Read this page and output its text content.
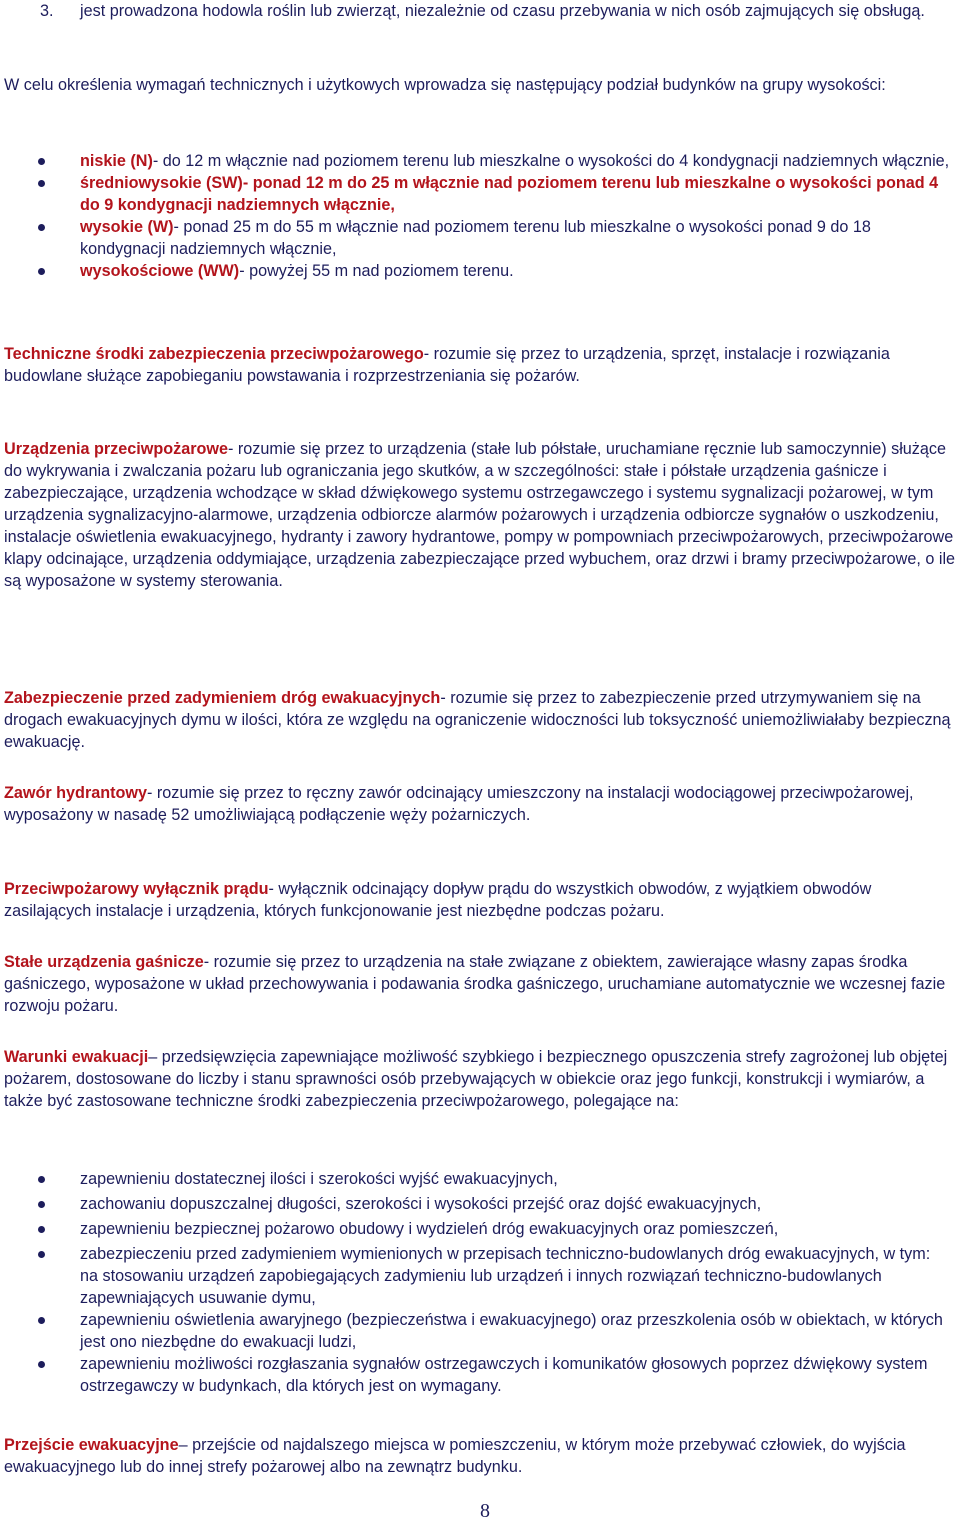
3. jest prowadzona hodowla roślin lub zwierząt, niezależnie od czasu przebywania w nich osób zajmujących się obsługą.

W celu określenia wymagań technicznych i użytkowych wprowadza się następujący podział budynków na grupy wysokości:

niskie (N)- do 12 m włącznie nad poziomem terenu lub mieszkalne o wysokości do 4 kondygnacji nadziemnych włącznie,
średniowysokie (SW)- ponad 12 m do 25 m włącznie nad poziomem terenu lub mieszkalne o wysokości ponad 4 do 9 kondygnacji nadziemnych włącznie,
wysokie (W)- ponad 25 m do 55 m włącznie nad poziomem terenu lub mieszkalne o wysokości ponad 9 do 18 kondygnacji nadziemnych włącznie,
wysokościowe (WW)- powyżej 55 m nad poziomem terenu.

Techniczne środki zabezpieczenia przeciwpożarowego- rozumie się przez to urządzenia, sprzęt, instalacje i rozwiązania budowlane służące zapobieganiu powstawania i rozprzestrzeniania się pożarów.

Urządzenia przeciwpożarowe- rozumie się przez to urządzenia (stałe lub półstałe, uruchamiane ręcznie lub samoczynnie) służące do wykrywania i zwalczania pożaru lub ograniczania jego skutków, a w szczególności: stałe i półstałe urządzenia gaśnicze i zabezpieczające, urządzenia wchodzące w skład dźwiękowego systemu ostrzegawczego i systemu sygnalizacji pożarowej, w tym urządzenia sygnalizacyjno-alarmowe, urządzenia odbiorcze alarmów pożarowych i urządzenia odbiorcze sygnałów o uszkodzeniu, instalacje oświetlenia ewakuacyjnego, hydranty i zawory hydrantowe, pompy w pompowniach przeciwpożarowych, przeciwpożarowe klapy odcinające, urządzenia oddymiające, urządzenia zabezpieczające przed wybuchem, oraz drzwi i bramy przeciwpożarowe, o ile są wyposażone w systemy sterowania.

Zabezpieczenie przed zadymieniem dróg ewakuacyjnych- rozumie się przez to zabezpieczenie przed utrzymywaniem się na drogach ewakuacyjnych dymu w ilości, która ze względu na ograniczenie widoczności lub toksyczność uniemożliwiałaby bezpieczną ewakuację.

Zawór hydrantowy- rozumie się przez to ręczny zawór odcinający umieszczony na instalacji wodociągowej przeciwpożarowej, wyposażony w nasadę 52 umożliwiającą podłączenie węży pożarniczych.

Przeciwpożarowy wyłącznik prądu- wyłącznik odcinający dopływ prądu do wszystkich obwodów, z wyjątkiem obwodów zasilających instalacje i urządzenia, których funkcjonowanie jest niezbędne podczas pożaru.

Stałe urządzenia gaśnicze- rozumie się przez to urządzenia na stałe związane z obiektem, zawierające własny zapas środka gaśniczego, wyposażone w układ przechowywania i podawania środka gaśniczego, uruchamiane automatycznie we wczesnej fazie rozwoju pożaru.

Warunki ewakuacji– przedsięwzięcia zapewniające możliwość szybkiego i bezpiecznego opuszczenia strefy zagrożonej lub objętej pożarem, dostosowane do liczby i stanu sprawności osób przebywających w obiekcie oraz jego funkcji, konstrukcji i wymiarów, a także być zastosowane techniczne środki zabezpieczenia przeciwpożarowego, polegające na:

zapewnieniu dostatecznej ilości i szerokości wyjść ewakuacyjnych,
zachowaniu dopuszczalnej długości, szerokości i wysokości przejść oraz dojść ewakuacyjnych,
zapewnieniu bezpiecznej pożarowo obudowy i wydzieleń dróg ewakuacyjnych oraz pomieszczeń,
zabezpieczeniu przed zadymieniem wymienionych w przepisach techniczno-budowlanych dróg ewakuacyjnych, w tym: na stosowaniu urządzeń zapobiegających zadymieniu lub urządzeń i innych rozwiązań techniczno-budowlanych zapewniających usuwanie dymu,
zapewnieniu oświetlenia awaryjnego (bezpieczeństwa i ewakuacyjnego) oraz przeszkolenia osób w obiektach, w których jest ono niezbędne do ewakuacji ludzi,
zapewnieniu możliwości rozgłaszania sygnałów ostrzegawczych i komunikatów głosowych poprzez dźwiękowy system ostrzegawczy w budynkach, dla których jest on wymagany.

Przejście ewakuacyjne– przejście od najdalszego miejsca w pomieszczeniu, w którym może przebywać człowiek, do wyjścia ewakuacyjnego lub do innej strefy pożarowej albo na zewnątrz budynku.

8
